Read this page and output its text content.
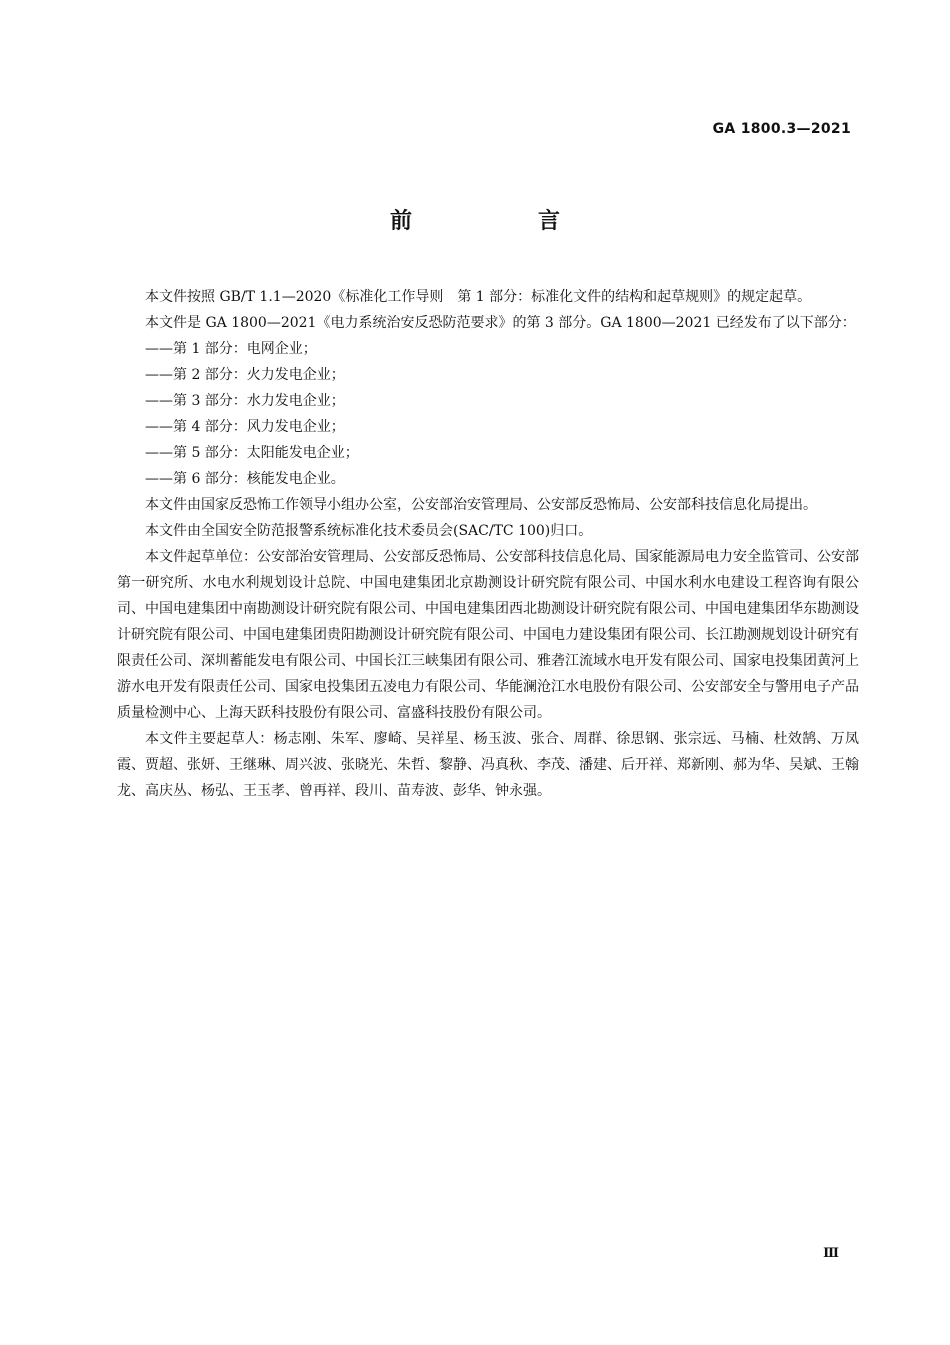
GA 1800.3—2021
前　言

本文件按照 GB/T 1.1—2020《标准化工作导则　第 1 部分：标准化文件的结构和起草规则》的规定起草。

本文件是 GA 1800—2021《电力系统治安反恐防范要求》的第 3 部分。GA 1800—2021 已经发布了以下部分：

——第 1 部分：电网企业；

——第 2 部分：火力发电企业；

——第 3 部分：水力发电企业；

——第 4 部分：风力发电企业；

——第 5 部分：太阳能发电企业；

——第 6 部分：核能发电企业。

本文件由国家反恐怖工作领导小组办公室，公安部治安管理局、公安部反恐怖局、公安部科技信息化局提出。

本文件由全国安全防范报警系统标准化技术委员会(SAC/TC 100)归口。

本文件起草单位：公安部治安管理局、公安部反恐怖局、公安部科技信息化局、国家能源局电力安全监管司、公安部第一研究所、水电水利规划设计总院、中国电建集团北京勘测设计研究院有限公司、中国水利水电建设工程咨询有限公司、中国电建集团中南勘测设计研究院有限公司、中国电建集团西北勘测设计研究院有限公司、中国电建集团华东勘测设计研究院有限公司、中国电建集团贵阳勘测设计研究院有限公司、中国电力建设集团有限公司、长江勘测规划设计研究有限责任公司、深圳蓄能发电有限公司、中国长江三峡集团有限公司、雅砻江流域水电开发有限公司、国家电投集团黄河上游水电开发有限责任公司、国家电投集团五凌电力有限公司、华能澜沧江水电股份有限公司、公安部安全与警用电子产品质量检测中心、上海天跃科技股份有限公司、富盛科技股份有限公司。

本文件主要起草人：杨志刚、朱军、廖崎、吴祥星、杨玉波、张合、周群、徐思钢、张宗远、马楠、杜效鹄、万凤霞、贾超、张妍、王继琳、周兴波、张晓光、朱哲、黎静、冯真秋、李茂、潘建、后开祥、郑新刚、郝为华、吴斌、王翰龙、高庆丛、杨弘、王玉孝、曾再祥、段川、苗寿波、彭华、钟永强。

Ⅲ
